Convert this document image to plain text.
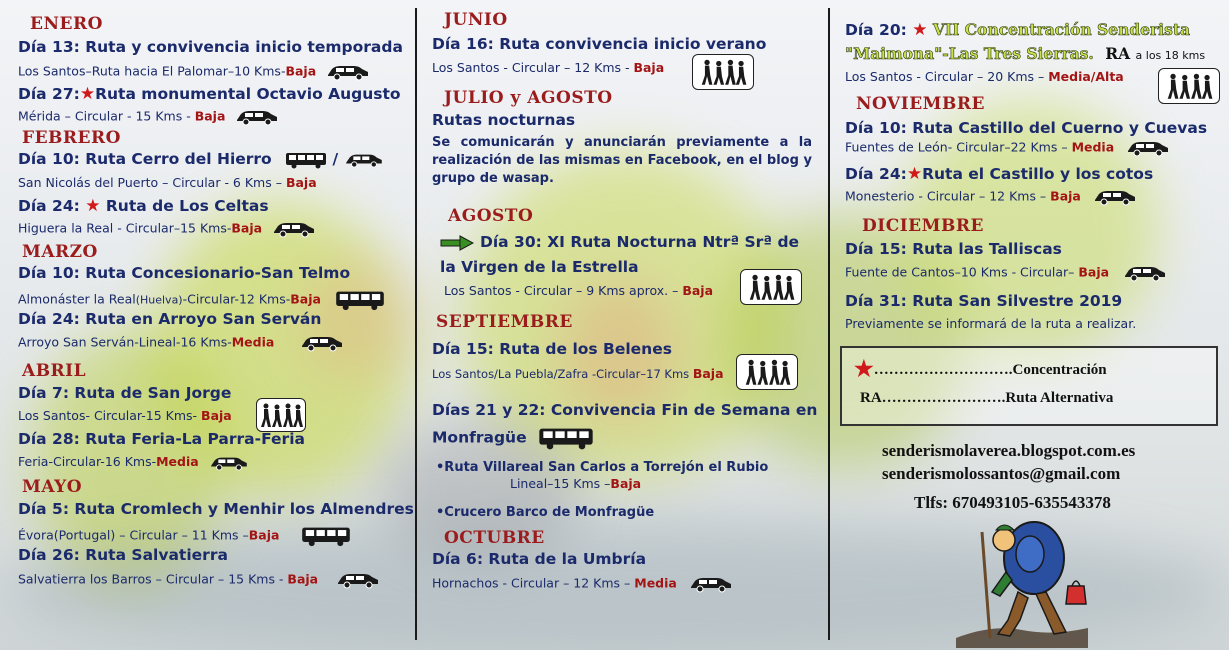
ENERO
Día 13: Ruta y convivencia inicio temporada
Los Santos–Ruta hacia El Palomar–10 Kms-Baja
Día 27:★Ruta monumental Octavio Augusto
Mérida – Circular - 15 Kms - Baja
FEBRERO
Día 10: Ruta Cerro del Hierro	/
San Nicolás del Puerto – Circular - 6 Kms – Baja
Día 24: ★ Ruta de Los Celtas
Higuera la Real - Circular–15 Kms-Baja
MARZO
Día 10: Ruta Concesionario-San Telmo
Almonáster la Real(Huelva)-Circular-12 Kms-Baja
Día 24: Ruta en Arroyo San Serván
Arroyo San Serván-Lineal-16 Kms-Media
ABRIL
Día 7: Ruta de San Jorge
Los Santos- Circular-15 Kms- Baja
Día 28: Ruta Feria-La Parra-Feria
Feria-Circular-16 Kms-Media
MAYO
Día 5: Ruta Cromlech y Menhir los Almendres
Évora(Portugal) – Circular – 11 Kms –Baja
Día 26: Ruta Salvatierra
Salvatierra los Barros – Circular – 15 Kms - Baja
JUNIO
Día 16: Ruta convivencia inicio verano
Los Santos - Circular – 12 Kms - Baja
JULIO y AGOSTO
Rutas nocturnas
Se comunicarán y anunciarán previamente a la realización de las mismas en Facebook, en el blog y grupo de wasap.
AGOSTO
Día 30: XI Ruta Nocturna Ntrª Srª de
la Virgen de la Estrella
Los Santos - Circular – 9 Kms aprox. – Baja
SEPTIEMBRE
Día 15: Ruta de los Belenes
Los Santos/La Puebla/Zafra -Circular–17 Kms Baja
Días 21 y 22: Convivencia Fin de Semana en
Monfragüe
•Ruta Villareal San Carlos a Torrejón el Rubio
Lineal–15 Kms –Baja
•Crucero Barco de Monfragüe
OCTUBRE
Día 6: Ruta de la Umbría
Hornachos - Circular – 12 Kms – Media
Día 20: ★ VII Concentración Senderista
"Maimona"-Las Tres Sierras. RA a los 18 kms
Los Santos - Circular – 20 Kms – Media/Alta
NOVIEMBRE
Día 10: Ruta Castillo del Cuerno y Cuevas
Fuentes de León- Circular–22 Kms – Media
Día 24:★Ruta el Castillo y los cotos
Monesterio - Circular – 12 Kms – Baja
DICIEMBRE
Día 15: Ruta las Talliscas
Fuente de Cantos–10 Kms - Circular– Baja
Día 31: Ruta San Silvestre 2019
Previamente se informará de la ruta a realizar.
★……………………….Concentración
RA…………………….Ruta Alternativa
senderismolaverea.blogspot.com.es
senderismolossantos@gmail.com
Tlfs: 670493105-635543378
